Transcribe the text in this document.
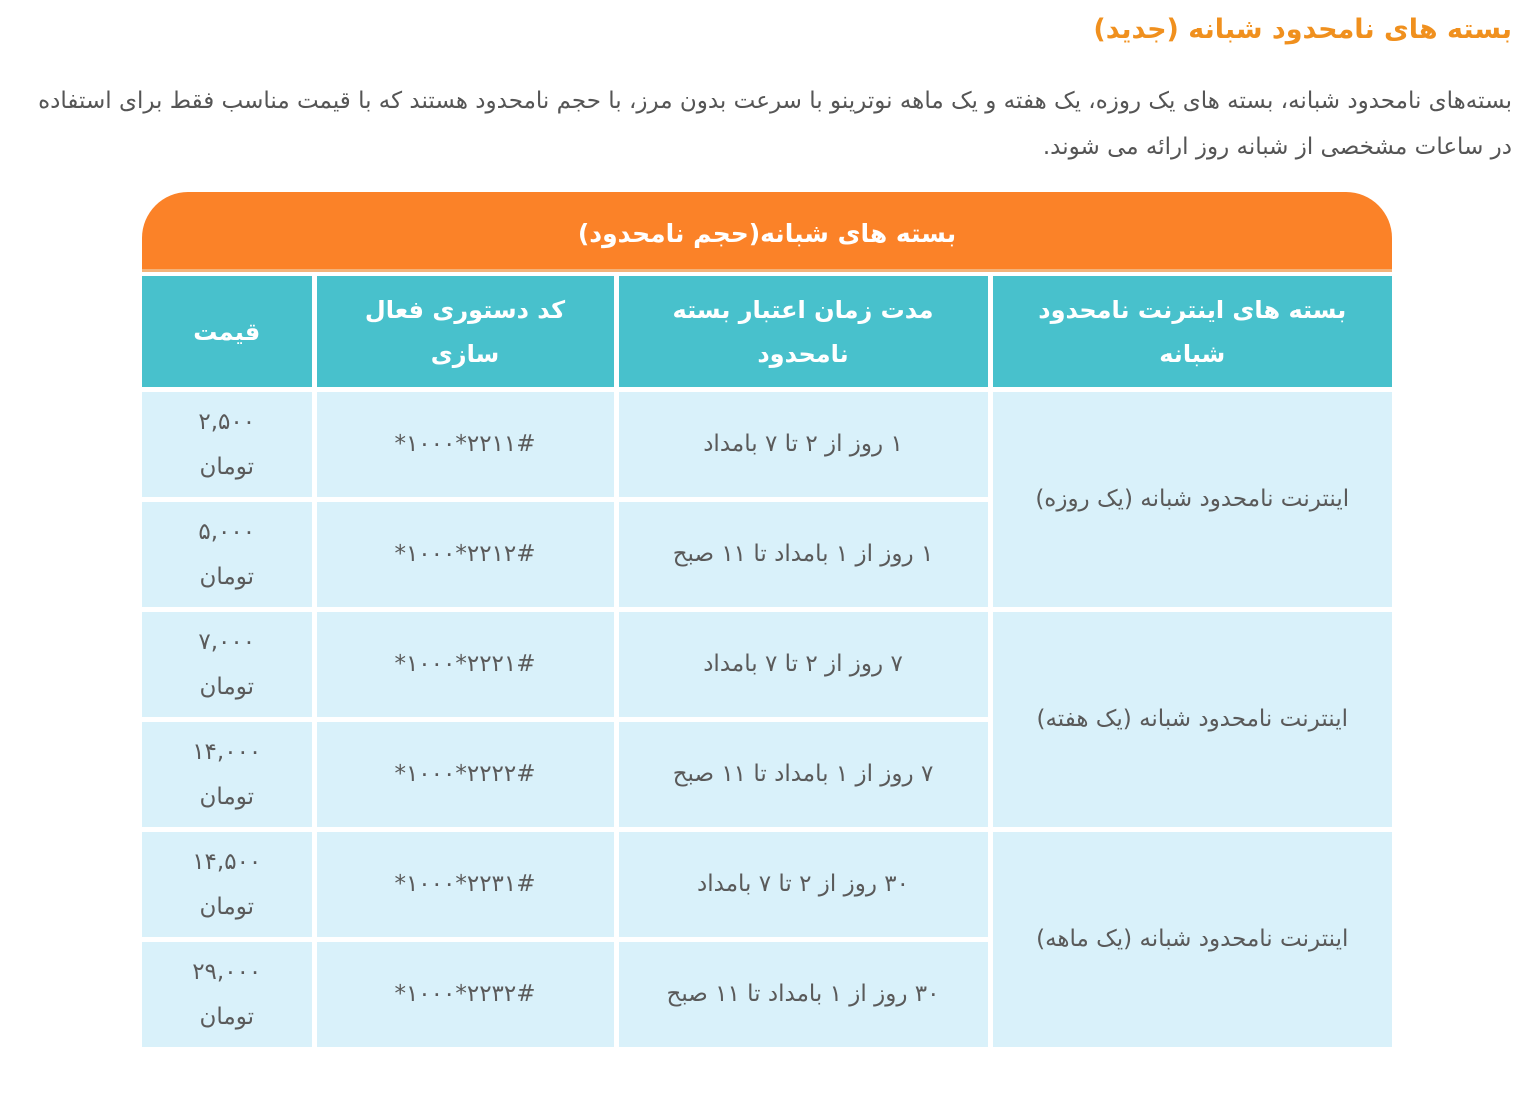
بسته های نامحدود شبانه (جدید)

بسته‌های نامحدود شبانه، بسته های یک روزه، یک هفته و یک ماهه نوترینو با سرعت بدون مرز، با حجم نامحدود هستند که با قیمت مناسب فقط برای استفاده در ساعات مشخصی از شبانه روز ارائه می شوند.

بسته های شبانه(حجم نامحدود)
بسته های اینترنت نامحدود شبانه	مدت زمان اعتبار بسته نامحدود	کد دستوری فعال سازی	قیمت
اینترنت نامحدود شبانه (یک روزه)	۱ روز از ۲ تا ۷ بامداد	*۱۰۰۰*۲۲۱۱#	۲,۵۰۰
تومان

	۱ روز از ۱ بامداد تا ۱۱ صبح	*۱۰۰۰*۲۲۱۲#	۵,۰۰۰
تومان

اینترنت نامحدود شبانه (یک هفته)	۷ روز از ۲ تا ۷ بامداد	*۱۰۰۰*۲۲۲۱#	۷,۰۰۰
تومان

	۷ روز از ۱ بامداد تا ۱۱ صبح	*۱۰۰۰*۲۲۲۲#	۱۴,۰۰۰
تومان

اینترنت نامحدود شبانه (یک ماهه)	۳۰ روز از ۲ تا ۷ بامداد	*۱۰۰۰*۲۲۳۱#	۱۴,۵۰۰
تومان

	۳۰ روز از ۱ بامداد تا ۱۱ صبح	*۱۰۰۰*۲۲۳۲#	۲۹,۰۰۰
تومان
